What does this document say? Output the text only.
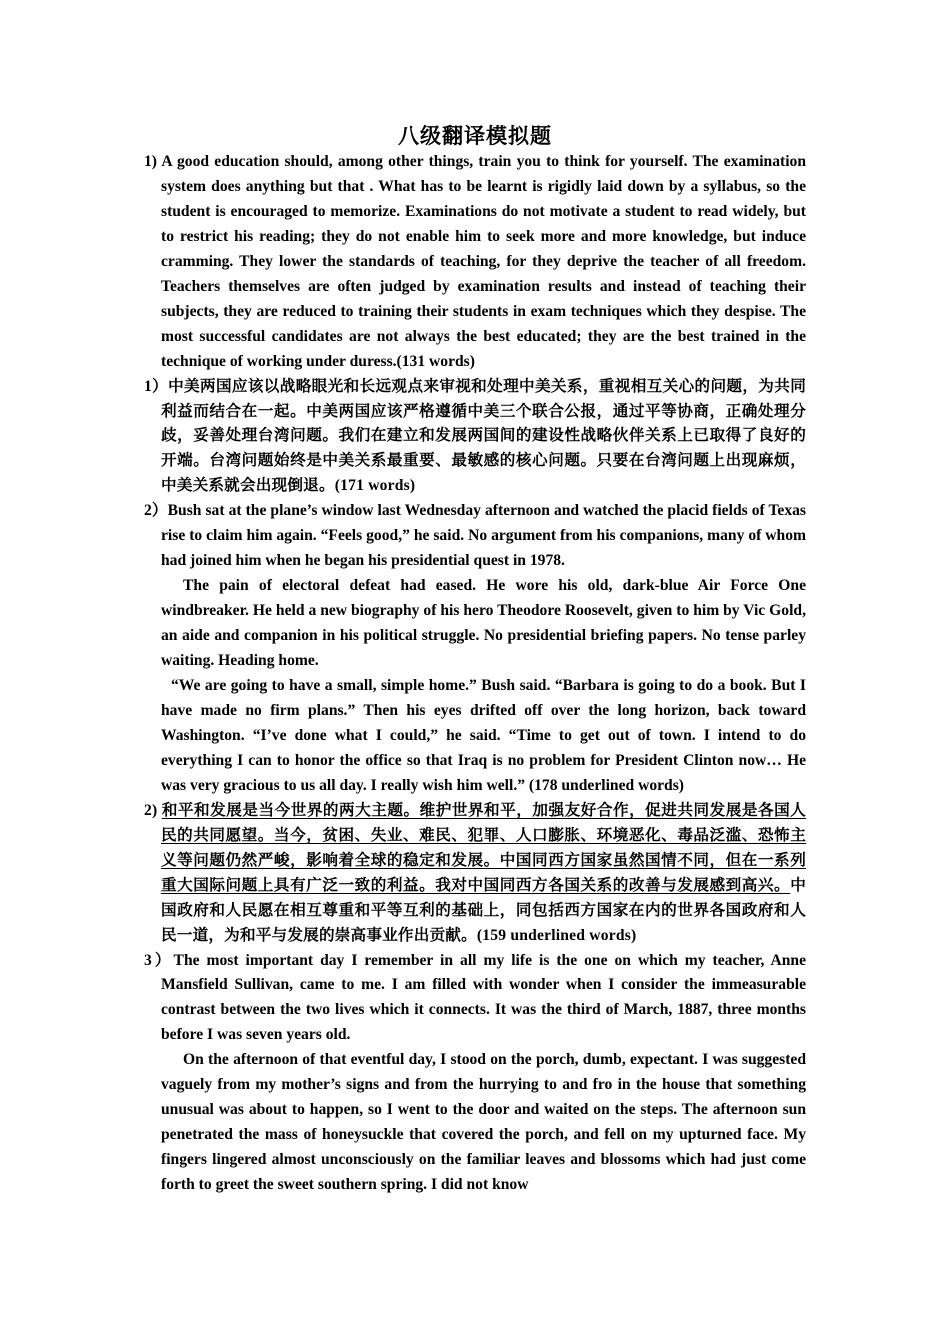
八级翻译模拟题

1) A good education should, among other things, train you to think for yourself. The examination system does anything but that . What has to be learnt is rigidly laid down by a syllabus, so the student is encouraged to memorize. Examinations do not motivate a student to read widely, but to restrict his reading; they do not enable him to seek more and more knowledge, but induce cramming. They lower the standards of teaching, for they deprive the teacher of all freedom. Teachers themselves are often judged by examination results and instead of teaching their subjects, they are reduced to training their students in exam techniques which they despise. The most successful candidates are not always the best educated; they are the best trained in the technique of working under duress.(131 words)

1）中美两国应该以战略眼光和长远观点来审视和处理中美关系，重视相互关心的问题，为共同利益而结合在一起。中美两国应该严格遵循中美三个联合公报，通过平等协商，正确处理分歧，妥善处理台湾问题。我们在建立和发展两国间的建设性战略伙伴关系上已取得了良好的开端。台湾问题始终是中美关系最重要、最敏感的核心问题。只要在台湾问题上出现麻烦，中美关系就会出现倒退。(171 words)

2）Bush sat at the plane’s window last Wednesday afternoon and watched the placid fields of Texas rise to claim him again. “Feels good,” he said. No argument from his companions, many of whom had joined him when he began his presidential quest in 1978.

The pain of electoral defeat had eased. He wore his old, dark-blue Air Force One windbreaker. He held a new biography of his hero Theodore Roosevelt, given to him by Vic Gold, an aide and companion in his political struggle. No presidential briefing papers. No tense parley waiting. Heading home.

“We are going to have a small, simple home.” Bush said. “Barbara is going to do a book. But I have made no firm plans.” Then his eyes drifted off over the long horizon, back toward Washington. “I’ve done what I could,” he said. “Time to get out of town. I intend to do everything I can to honor the office so that Iraq is no problem for President Clinton now… He was very gracious to us all day. I really wish him well.” (178 underlined words)

2) 和平和发展是当今世界的两大主题。维护世界和平，加强友好合作，促进共同发展是各国人民的共同愿望。当今，贫困、失业、难民、犯罪、人口膨胀、环境恶化、毒品泛滥、恐怖主义等问题仍然严峻，影响着全球的稳定和发展。中国同西方国家虽然国情不同，但在一系列重大国际问题上具有广泛一致的利益。我对中国同西方各国关系的改善与发展感到高兴。中国政府和人民愿在相互尊重和平等互利的基础上，同包括西方国家在内的世界各国政府和人民一道，为和平与发展的崇高事业作出贡献。(159 underlined words)

3）The most important day I remember in all my life is the one on which my teacher, Anne Mansfield Sullivan, came to me. I am filled with wonder when I consider the immeasurable contrast between the two lives which it connects. It was the third of March, 1887, three months before I was seven years old.

On the afternoon of that eventful day, I stood on the porch, dumb, expectant. I was suggested vaguely from my mother’s signs and from the hurrying to and fro in the house that something unusual was about to happen, so I went to the door and waited on the steps. The afternoon sun penetrated the mass of honeysuckle that covered the porch, and fell on my upturned face. My fingers lingered almost unconsciously on the familiar leaves and blossoms which had just come forth to greet the sweet southern spring. I did not know
